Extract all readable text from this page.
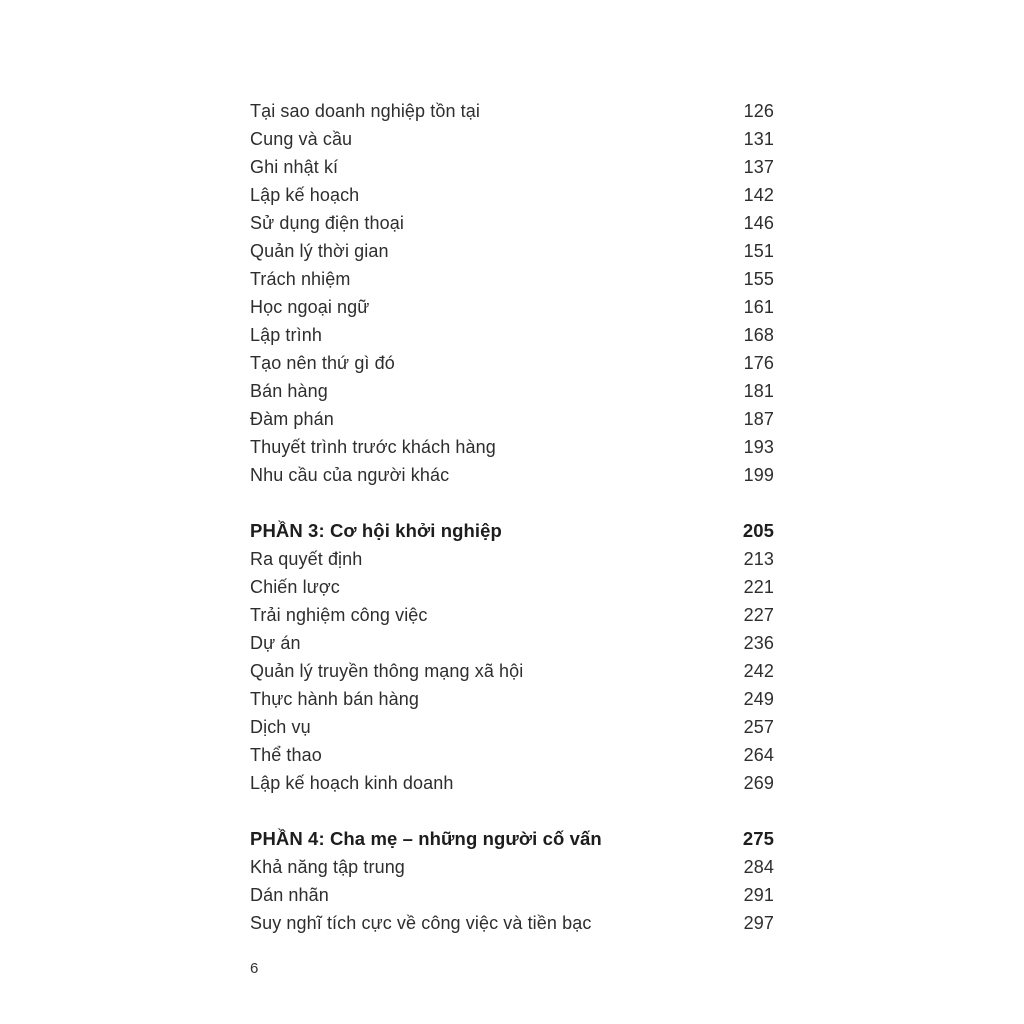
Tại sao doanh nghiệp tồn tại	126
Cung và cầu	131
Ghi nhật kí	137
Lập kế hoạch	142
Sử dụng điện thoại	146
Quản lý thời gian	151
Trách nhiệm	155
Học ngoại ngữ	161
Lập trình	168
Tạo nên thứ gì đó	176
Bán hàng	181
Đàm phán	187
Thuyết trình trước khách hàng	193
Nhu cầu của người khác	199
PHẦN 3: Cơ hội khởi nghiệp	205
Ra quyết định	213
Chiến lược	221
Trải nghiệm công việc	227
Dự án	236
Quản lý truyền thông mạng xã hội	242
Thực hành bán hàng	249
Dịch vụ	257
Thể thao	264
Lập kế hoạch kinh doanh	269
PHẦN 4: Cha mẹ – những người cố vấn	275
Khả năng tập trung	284
Dán nhãn	291
Suy nghĩ tích cực về công việc và tiền bạc	297
6
